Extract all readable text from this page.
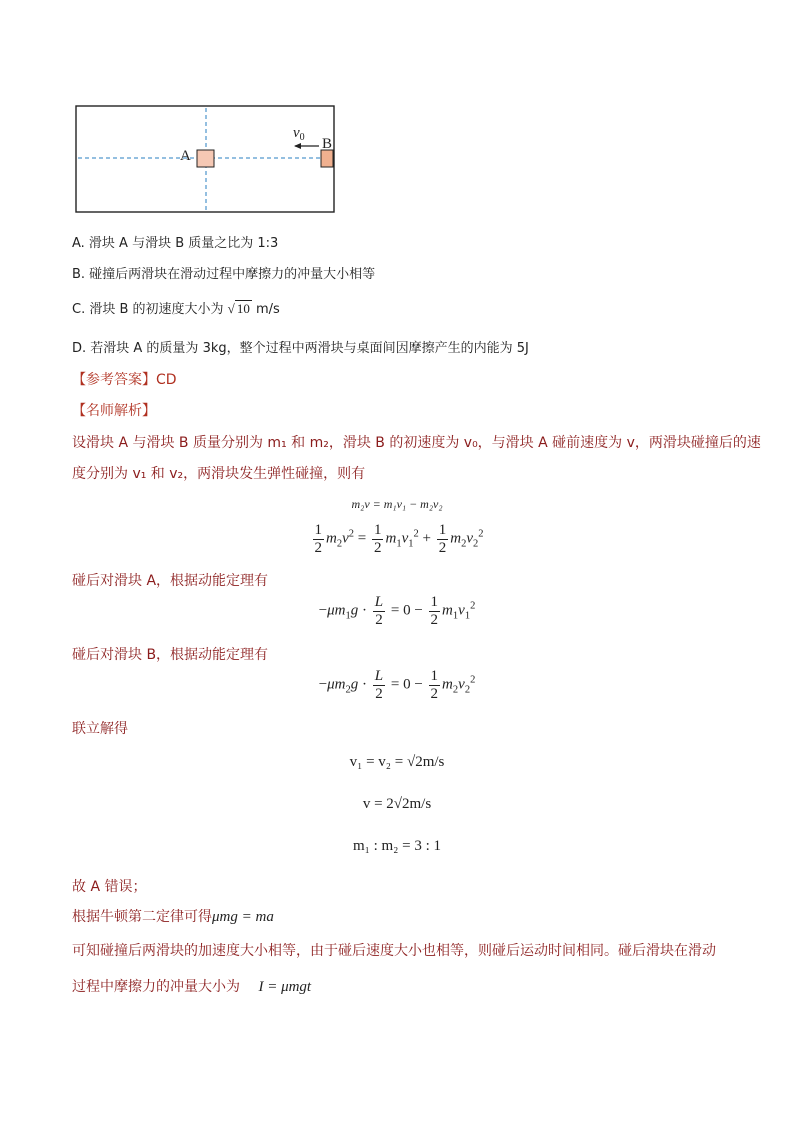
A
B
$v_0$
A. 滑块 A 与滑块 B 质量之比为 1:3
B. 碰撞后两滑块在滑动过程中摩擦力的冲量大小相等
C. 滑块 B 的初速度大小为 √ 10 m/s
D. 若滑块 A 的质量为 3kg，整个过程中两滑块与桌面间因摩擦产生的内能为 5J
【参考答案】CD
【名师解析】
设滑块 A 与滑块 B 质量分别为 m₁ 和 m₂，滑块 B 的初速度为 v₀，与滑块 A 碰前速度为 v，两滑块碰撞后的速
度分别为 v₁ 和 v₂，两滑块发生弹性碰撞，则有
m₂v = m₁v₁ − m₂v₂
$\frac{1}{2} m_2v^2 = \frac{1}{2} m_1v_1^2 + \frac{1}{2} m_2v_2^2$
碰后对滑块 A，根据动能定理有
$-\mu m_1g \cdot \frac{L}{2} = 0 - \frac{1}{2} m_1v_1^2$
碰后对滑块 B，根据动能定理有
$-\mu m_2g \cdot \frac{L}{2} = 0 - \frac{1}{2} m_2v_2^2$
联立解得
v₁ = v₂ = √2m/s
v = 2√2m/s
m₁ : m₂ = 3 : 1
故 A 错误；
根据牛顿第二定律可得μmg = ma
可知碰撞后两滑块的加速度大小相等，由于碰后速度大小也相等，则碰后运动时间相同。碰后滑块在滑动
过程中摩擦力的冲量大小为 I = μmgt
